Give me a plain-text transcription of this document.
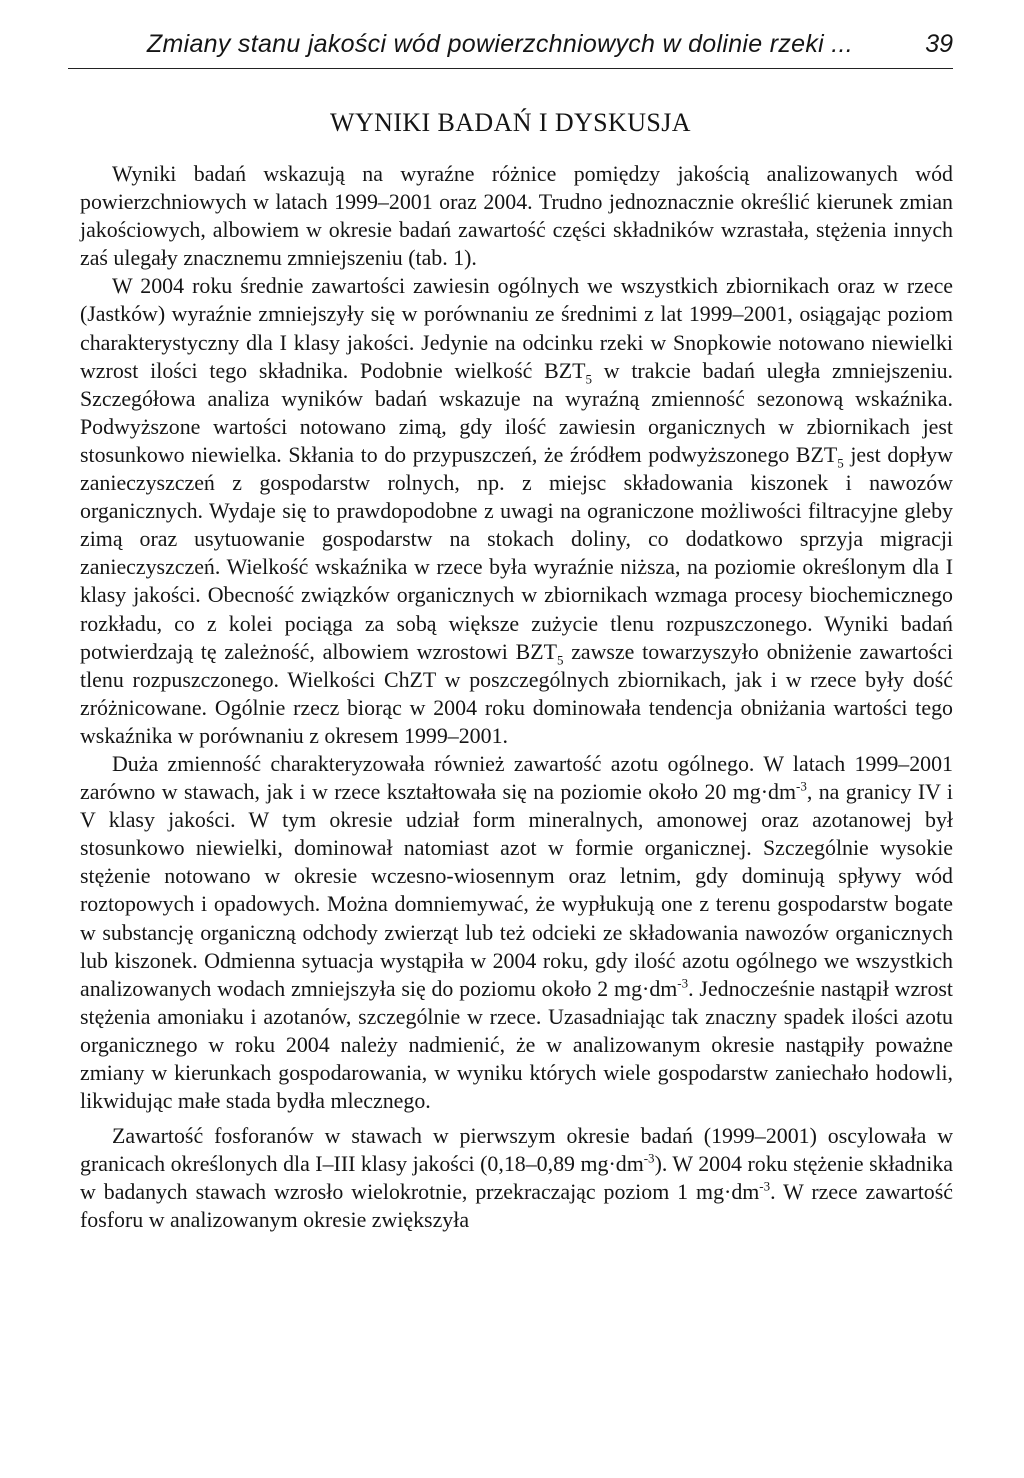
Zmiany stanu jakości wód powierzchniowych w dolinie rzeki ...	39
WYNIKI BADAŃ I DYSKUSJA

Wyniki badań wskazują na wyraźne różnice pomiędzy jakością analizowanych wód powierzchniowych w latach 1999–2001 oraz 2004. Trudno jednoznacznie określić kierunek zmian jakościowych, albowiem w okresie badań zawartość części składników wzrastała, stężenia innych zaś ulegały znacznemu zmniejszeniu (tab. 1).

W 2004 roku średnie zawartości zawiesin ogólnych we wszystkich zbiornikach oraz w rzece (Jastków) wyraźnie zmniejszyły się w porównaniu ze średnimi z lat 1999–2001, osiągając poziom charakterystyczny dla I klasy jakości. Jedynie na odcinku rzeki w Snopkowie notowano niewielki wzrost ilości tego składnika. Podobnie wielkość $BZT_5$ w trakcie badań uległa zmniejszeniu. Szczegółowa analiza wyników badań wskazuje na wyraźną zmienność sezonową wskaźnika. Podwyższone wartości notowano zimą, gdy ilość zawiesin organicznych w zbiornikach jest stosunkowo niewielka. Skłania to do przypuszczeń, że źródłem podwyższonego $BZT_5$ jest dopływ zanieczyszczeń z gospodarstw rolnych, np. z miejsc składowania kiszonek i nawozów organicznych. Wydaje się to prawdopodobne z uwagi na ograniczone możliwości filtracyjne gleby zimą oraz usytuowanie gospodarstw na stokach doliny, co dodatkowo sprzyja migracji zanieczyszczeń. Wielkość wskaźnika w rzece była wyraźnie niższa, na poziomie określonym dla I klasy jakości. Obecność związków organicznych w zbiornikach wzmaga procesy biochemicznego rozkładu, co z kolei pociąga za sobą większe zużycie tlenu rozpuszczonego. Wyniki badań potwierdzają tę zależność, albowiem wzrostowi $BZT_5$ zawsze towarzyszyło obniżenie zawartości tlenu rozpuszczonego. Wielkości ChZT w poszczególnych zbiornikach, jak i w rzece były dość zróżnicowane. Ogólnie rzecz biorąc w 2004 roku dominowała tendencja obniżania wartości tego wskaźnika w porównaniu z okresem 1999–2001.

Duża zmienność charakteryzowała również zawartość azotu ogólnego. W latach 1999–2001 zarówno w stawach, jak i w rzece kształtowała się na poziomie około 20 $mg\cdot dm^{-3}$, na granicy IV i V klasy jakości. W tym okresie udział form mineralnych, amonowej oraz azotanowej był stosunkowo niewielki, dominował natomiast azot w formie organicznej. Szczególnie wysokie stężenie notowano w okresie wczesno-wiosennym oraz letnim, gdy dominują spływy wód roztopowych i opadowych. Można domniemywać, że wypłukują one z terenu gospodarstw bogate w substancję organiczną odchody zwierząt lub też odcieki ze składowania nawozów organicznych lub kiszonek. Odmienna sytuacja wystąpiła w 2004 roku, gdy ilość azotu ogólnego we wszystkich analizowanych wodach zmniejszyła się do poziomu około 2 $mg\cdot dm^{-3}$. Jednocześnie nastąpił wzrost stężenia amoniaku i azotanów, szczególnie w rzece. Uzasadniając tak znaczny spadek ilości azotu organicznego w roku 2004 należy nadmienić, że w analizowanym okresie nastąpiły poważne zmiany w kierunkach gospodarowania, w wyniku których wiele gospodarstw zaniechało hodowli, likwidując małe stada bydła mlecznego.

Zawartość fosforanów w stawach w pierwszym okresie badań (1999–2001) oscylowała w granicach określonych dla I–III klasy jakości (0,18–0,89 $mg\cdot dm^{-3}$). W 2004 roku stężenie składnika w badanych stawach wzrosło wielokrotnie, przekraczając poziom 1 $mg\cdot dm^{-3}$. W rzece zawartość fosforu w analizowanym okresie zwiększyła
